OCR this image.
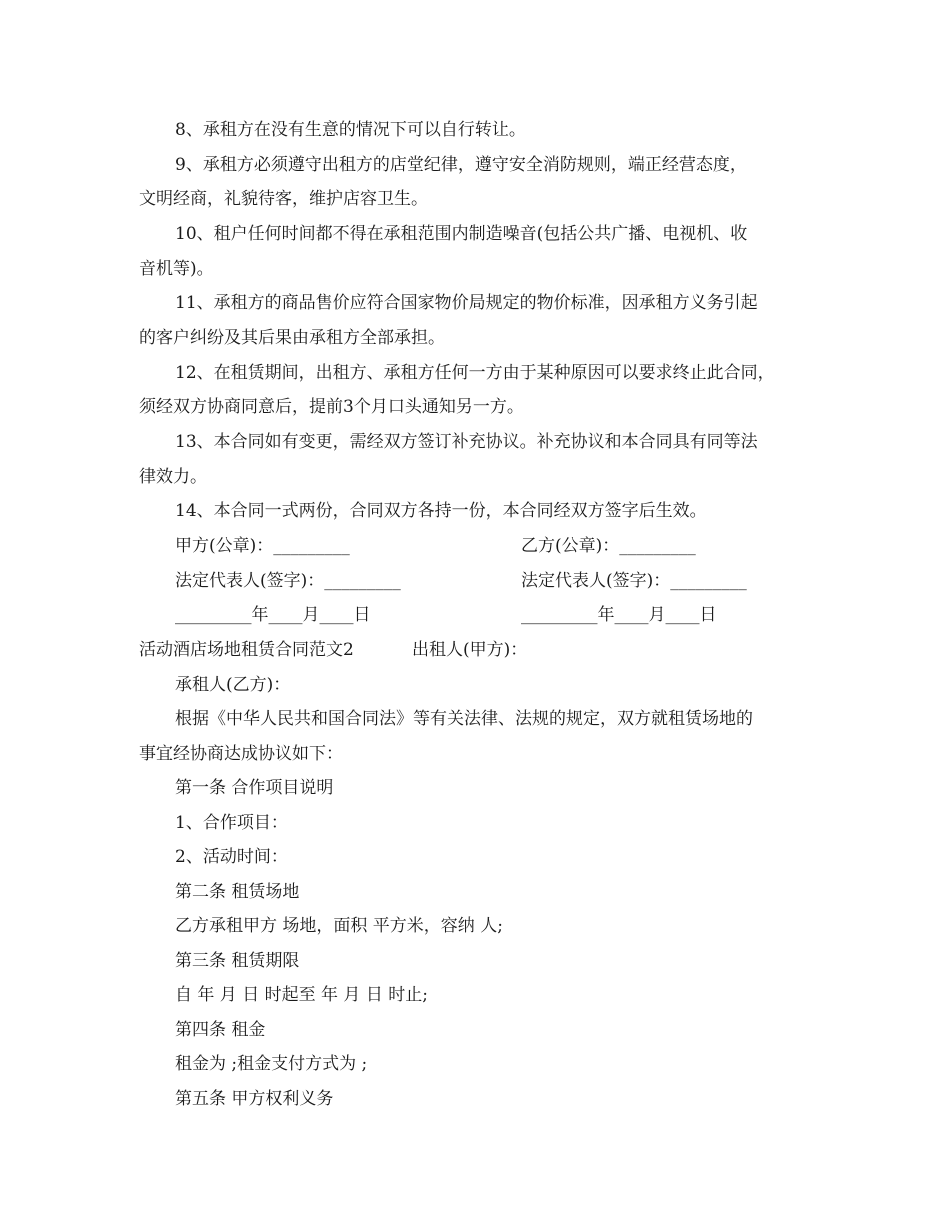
8、承租方在没有生意的情况下可以自行转让。
9、承租方必须遵守出租方的店堂纪律，遵守安全消防规则，端正经营态度，
文明经商，礼貌待客，维护店容卫生。
10、租户任何时间都不得在承租范围内制造噪音(包括公共广播、电视机、收
音机等)。
11、承租方的商品售价应符合国家物价局规定的物价标准，因承租方义务引起
的客户纠纷及其后果由承租方全部承担。
12、在租赁期间，出租方、承租方任何一方由于某种原因可以要求终止此合同，
须经双方协商同意后，提前3个月口头通知另一方。
13、本合同如有变更，需经双方签订补充协议。补充协议和本合同具有同等法
律效力。
14、本合同一式两份，合同双方各持一份，本合同经双方签字后生效。
甲方(公章)：_________	乙方(公章)：_________
法定代表人(签字)：_________	法定代表人(签字)：_________
_________年____月____日	_________年____月____日
活动酒店场地租赁合同范文2	出租人(甲方)：
承租人(乙方)：
根据《中华人民共和国合同法》等有关法律、法规的规定，双方就租赁场地的
事宜经协商达成协议如下：
第一条 合作项目说明
1、合作项目：
2、活动时间：
第二条 租赁场地
乙方承租甲方 场地，面积 平方米，容纳 人;
第三条 租赁期限
自 年 月 日 时起至 年 月 日 时止;
第四条 租金
租金为 ;租金支付方式为 ;
第五条 甲方权利义务
